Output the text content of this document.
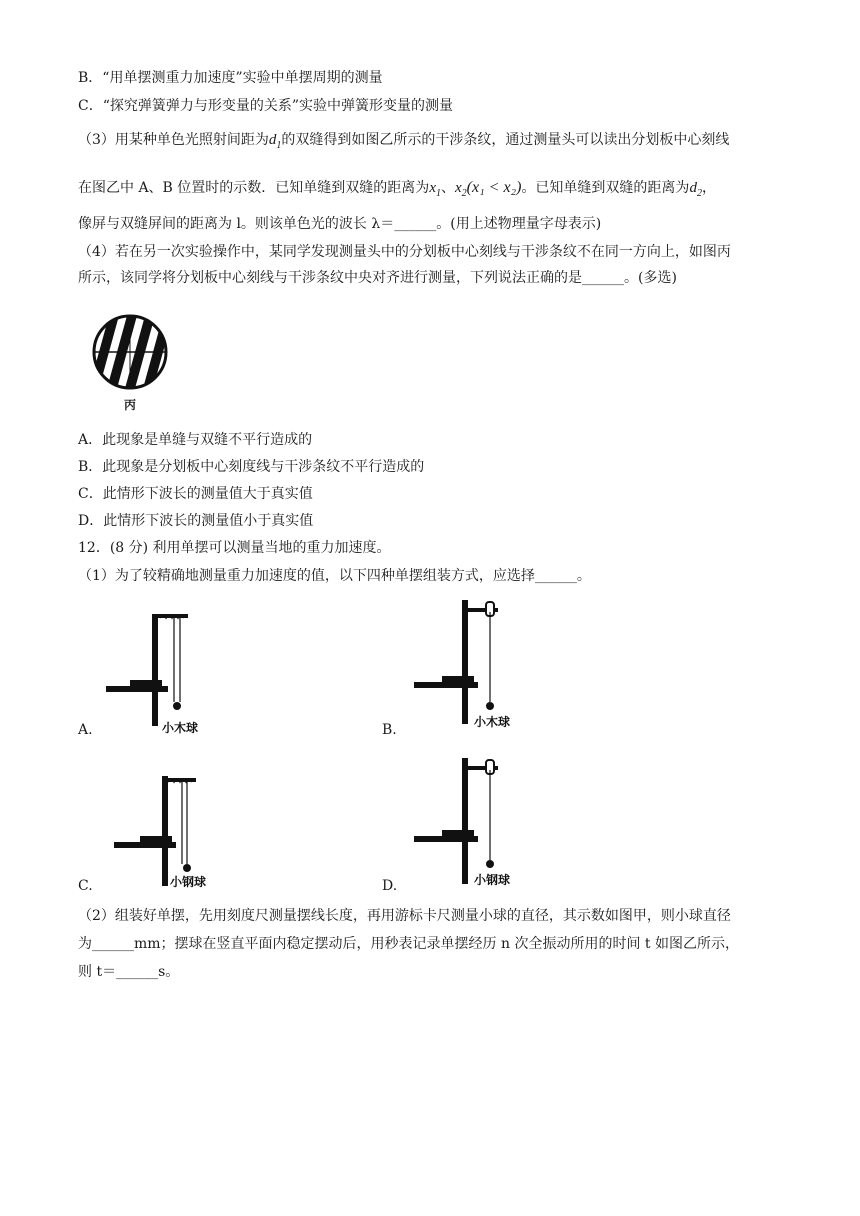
B．“用单摆测重力加速度”实验中单摆周期的测量
C．“探究弹簧弹力与形变量的关系”实验中弹簧形变量的测量
（3）用某种单色光照射间距为$d_1$的双缝得到如图乙所示的干涉条纹，通过测量头可以读出分划板中心刻线
在图乙中 A、B 位置时的示数．已知单缝到双缝的距离为$x_1$、$x_2(x_1 < x_2)$。已知单缝到双缝的距离为$d_2$，
像屏与双缝屏间的距离为 l。则该单色光的波长 λ＝______。(用上述物理量字母表示)
（4）若在另一次实验操作中，某同学发现测量头中的分划板中心刻线与干涉条纹不在同一方向上，如图丙
所示，该同学将分划板中心刻线与干涉条纹中央对齐进行测量，下列说法正确的是______。(多选)
丙
A．此现象是单缝与双缝不平行造成的
B．此现象是分划板中心刻度线与干涉条纹不平行造成的
C．此情形下波长的测量值大于真实值
D．此情形下波长的测量值小于真实值
12．(8 分) 利用单摆可以测量当地的重力加速度。
（1）为了较精确地测量重力加速度的值，以下四种单摆组装方式，应选择______。
A.	小木球	B.	小木球
C.	小钢球	D.	小钢球
（2）组装好单摆，先用刻度尺测量摆线长度，再用游标卡尺测量小球的直径，其示数如图甲，则小球直径
为______mm；摆球在竖直平面内稳定摆动后，用秒表记录单摆经历 n 次全振动所用的时间 t 如图乙所示，
则 t＝______s。
